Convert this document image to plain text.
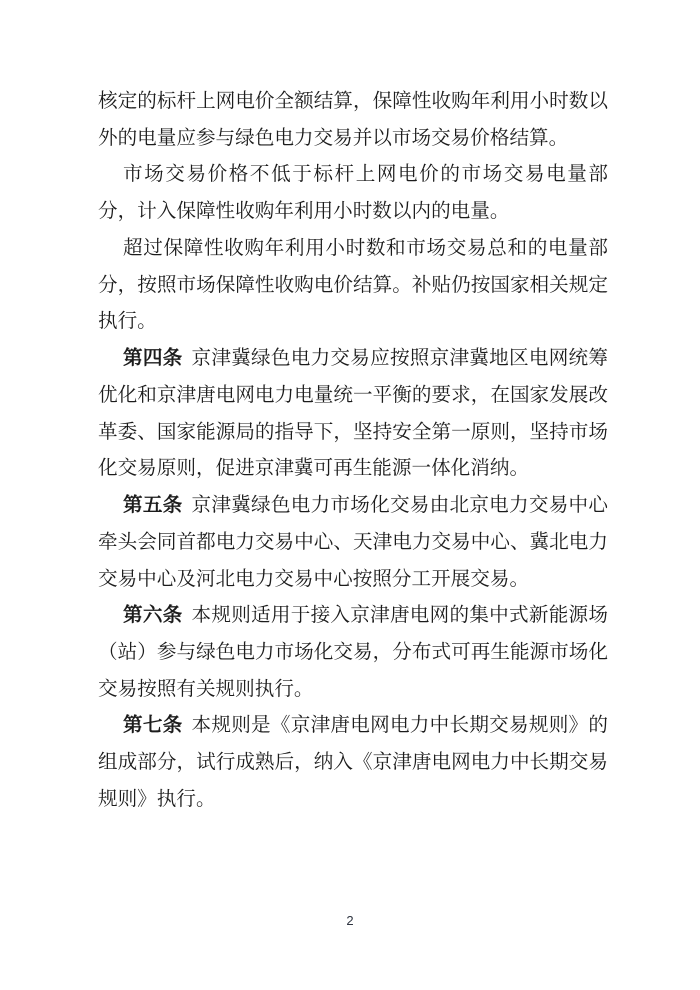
核定的标杆上网电价全额结算，保障性收购年利用小时数以外的电量应参与绿色电力交易并以市场交易价格结算。

市场交易价格不低于标杆上网电价的市场交易电量部分，计入保障性收购年利用小时数以内的电量。

超过保障性收购年利用小时数和市场交易总和的电量部分，按照市场保障性收购电价结算。补贴仍按国家相关规定执行。

第四条 京津冀绿色电力交易应按照京津冀地区电网统筹优化和京津唐电网电力电量统一平衡的要求，在国家发展改革委、国家能源局的指导下，坚持安全第一原则，坚持市场化交易原则，促进京津冀可再生能源一体化消纳。

第五条 京津冀绿色电力市场化交易由北京电力交易中心牵头会同首都电力交易中心、天津电力交易中心、冀北电力交易中心及河北电力交易中心按照分工开展交易。

第六条 本规则适用于接入京津唐电网的集中式新能源场（站）参与绿色电力市场化交易，分布式可再生能源市场化交易按照有关规则执行。

第七条 本规则是《京津唐电网电力中长期交易规则》的组成部分，试行成熟后，纳入《京津唐电网电力中长期交易规则》执行。

2
